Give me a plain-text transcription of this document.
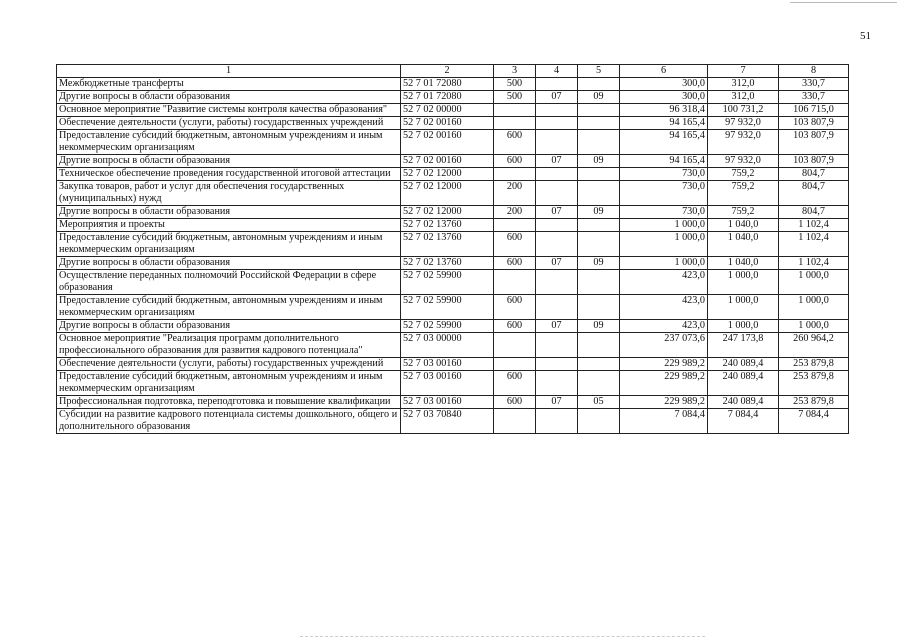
51
1	2	3	4	5	6	7	8
Межбюджетные трансферты	52 7 01 72080	500			300,0	312,0	330,7
Другие вопросы в области образования	52 7 01 72080	500	07	09	300,0	312,0	330,7
Основное мероприятие "Развитие системы контроля качества образования"	52 7 02 00000				96 318,4	100 731,2	106 715,0
Обеспечение деятельности (услуги, работы) государственных учреждений	52 7 02 00160				94 165,4	97 932,0	103 807,9
Предоставление субсидий бюджетным, автономным учреждениям и иным некоммерческим организациям	52 7 02 00160	600			94 165,4	97 932,0	103 807,9
Другие вопросы в области образования	52 7 02 00160	600	07	09	94 165,4	97 932,0	103 807,9
Техническое обеспечение проведения государственной итоговой аттестации	52 7 02 12000				730,0	759,2	804,7
Закупка товаров, работ и услуг для обеспечения государственных (муниципальных) нужд	52 7 02 12000	200			730,0	759,2	804,7
Другие вопросы в области образования	52 7 02 12000	200	07	09	730,0	759,2	804,7
Мероприятия и проекты	52 7 02 13760				1 000,0	1 040,0	1 102,4
Предоставление субсидий бюджетным, автономным учреждениям и иным некоммерческим организациям	52 7 02 13760	600			1 000,0	1 040,0	1 102,4
Другие вопросы в области образования	52 7 02 13760	600	07	09	1 000,0	1 040,0	1 102,4
Осуществление переданных полномочий Российской Федерации в сфере образования	52 7 02 59900				423,0	1 000,0	1 000,0
Предоставление субсидий бюджетным, автономным учреждениям и иным некоммерческим организациям	52 7 02 59900	600			423,0	1 000,0	1 000,0
Другие вопросы в области образования	52 7 02 59900	600	07	09	423,0	1 000,0	1 000,0
Основное мероприятие "Реализация программ дополнительного профессионального образования для развития кадрового потенциала"	52 7 03 00000				237 073,6	247 173,8	260 964,2
Обеспечение деятельности (услуги, работы) государственных учреждений	52 7 03 00160				229 989,2	240 089,4	253 879,8
Предоставление субсидий бюджетным, автономным учреждениям и иным некоммерческим организациям	52 7 03 00160	600			229 989,2	240 089,4	253 879,8
Профессиональная подготовка, переподготовка и повышение квалификации	52 7 03 00160	600	07	05	229 989,2	240 089,4	253 879,8
Субсидии на развитие кадрового потенциала системы дошкольного, общего и дополнительного образования	52 7 03 70840				7 084,4	7 084,4	7 084,4
